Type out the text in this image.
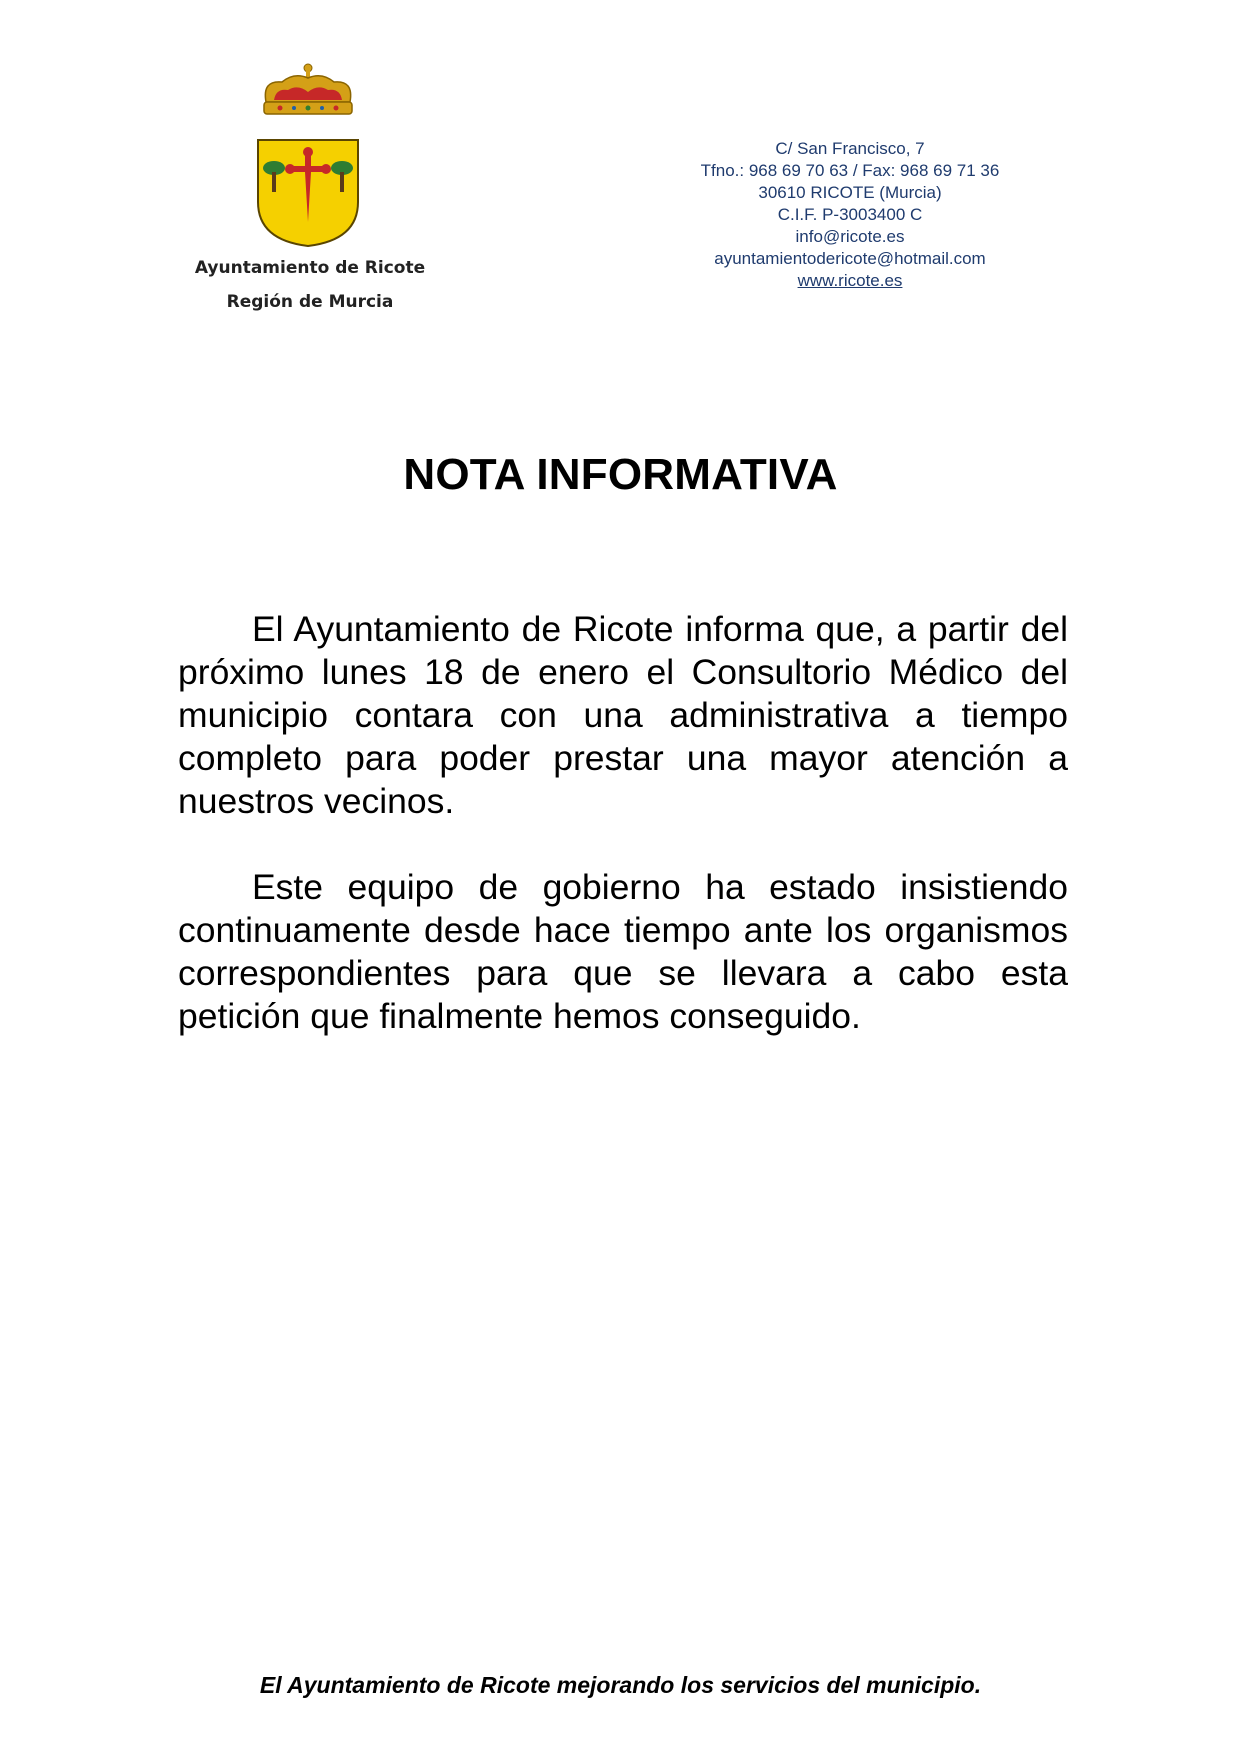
Ayuntamiento de Ricote
Región de Murcia
C/ San Francisco, 7
Tfno.: 968 69 70 63 / Fax: 968 69 71 36
30610 RICOTE (Murcia)
C.I.F. P-3003400 C
info@ricote.es
ayuntamientodericote@hotmail.com
www.ricote.es
NOTA INFORMATIVA

El Ayuntamiento de Ricote informa que, a partir del próximo lunes 18 de enero el Consultorio Médico del municipio contara con una administrativa a tiempo completo para poder prestar una mayor atención a nuestros vecinos.

Este equipo de gobierno ha estado insistiendo continuamente desde hace tiempo ante los organismos correspondientes para que se llevara a cabo esta petición que finalmente hemos conseguido.

El Ayuntamiento de Ricote mejorando los servicios del municipio.
